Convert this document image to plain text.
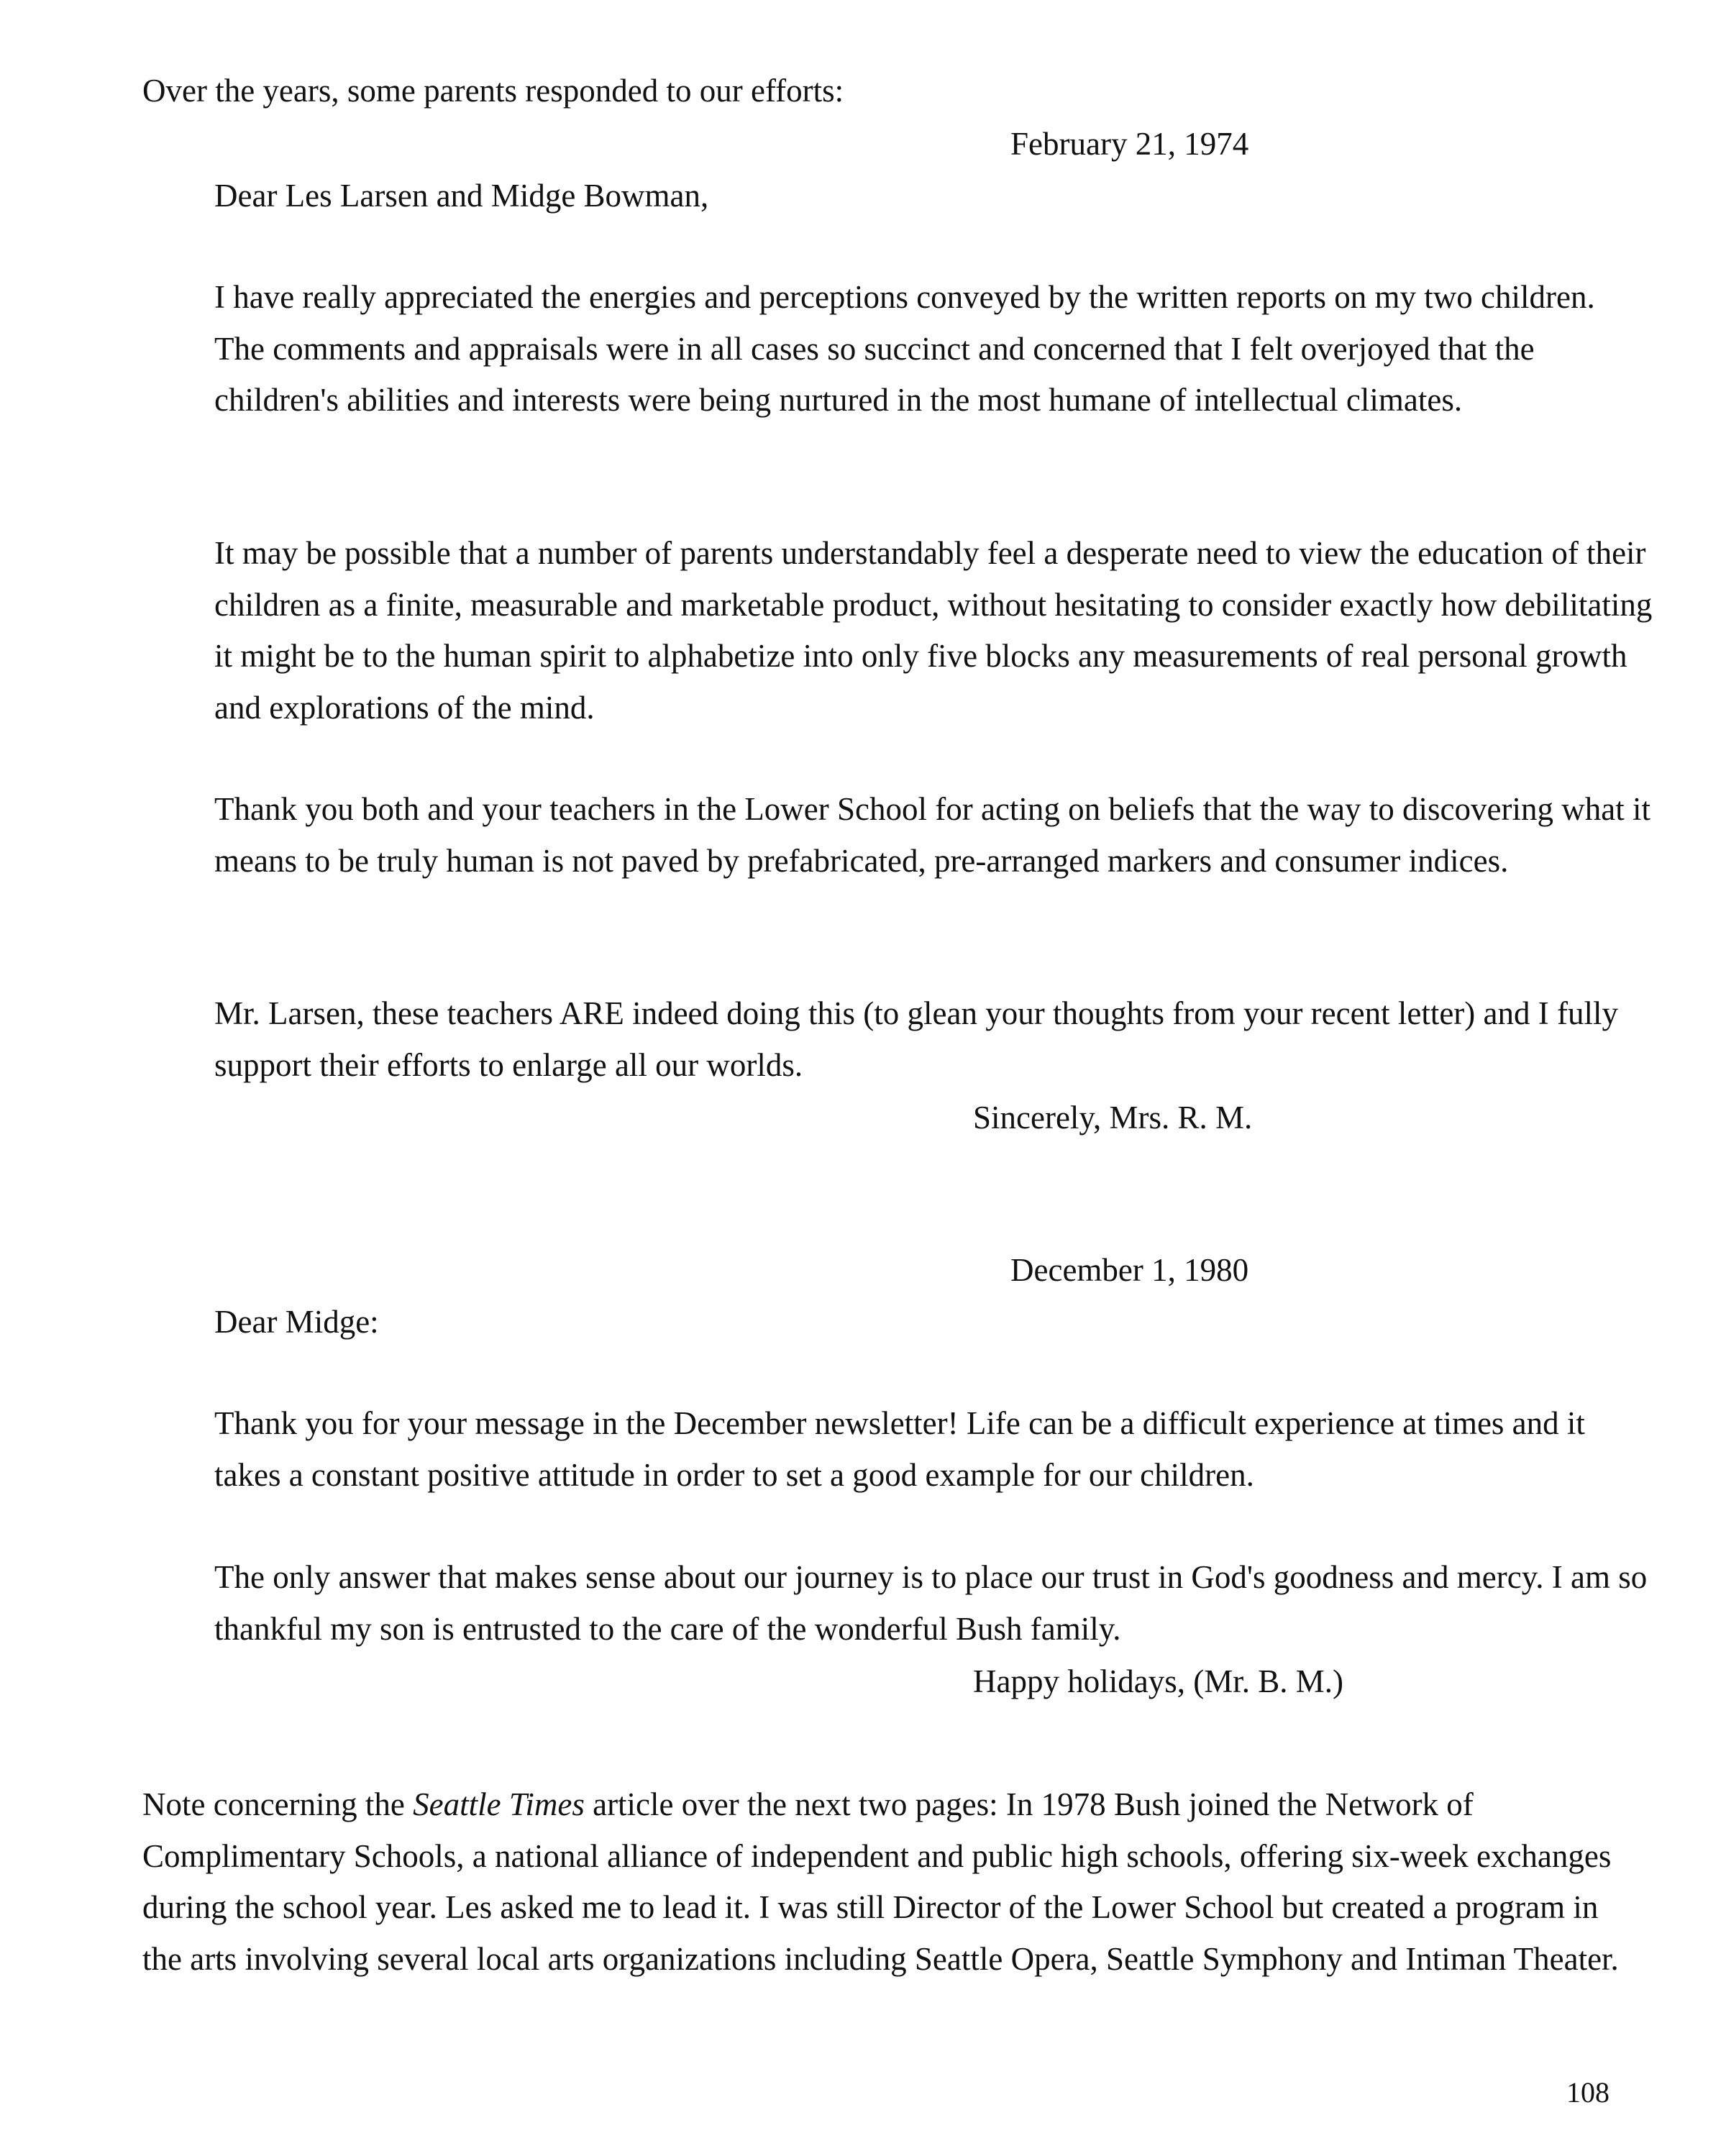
Over the years, some parents responded to our efforts:

February 21, 1974

Dear Les Larsen and Midge Bowman,

I have really appreciated the energies and perceptions conveyed by the written reports on my two children. The comments and appraisals were in all cases so succinct and concerned that I felt overjoyed that the children's abilities and interests were being nurtured in the most humane of intellectual climates.

It may be possible that a number of parents understandably feel a desperate need to view the education of their children as a finite, measurable and marketable product, without hesitating to consider exactly how debilitating it might be to the human spirit to alphabetize into only five blocks any measurements of real personal growth and explorations of the mind.

Thank you both and your teachers in the Lower School for acting on beliefs that the way to discovering what it means to be truly human is not paved by prefabricated, pre-arranged markers and consumer indices.

Mr. Larsen, these teachers ARE indeed doing this (to glean your thoughts from your recent letter) and I fully support their efforts to enlarge all our worlds.

Sincerely, Mrs. R. M.

December 1, 1980

Dear Midge:

Thank you for your message in the December newsletter! Life can be a difficult experience at times and it takes a constant positive attitude in order to set a good example for our children.

The only answer that makes sense about our journey is to place our trust in God's goodness and mercy. I am so thankful my son is entrusted to the care of the wonderful Bush family.

Happy holidays, (Mr. B. M.)

Note concerning the Seattle Times article over the next two pages: In 1978 Bush joined the Network of Complimentary Schools, a national alliance of independent and public high schools, offering six-week exchanges during the school year. Les asked me to lead it. I was still Director of the Lower School but created a program in the arts involving several local arts organizations including Seattle Opera, Seattle Symphony and Intiman Theater.

108
